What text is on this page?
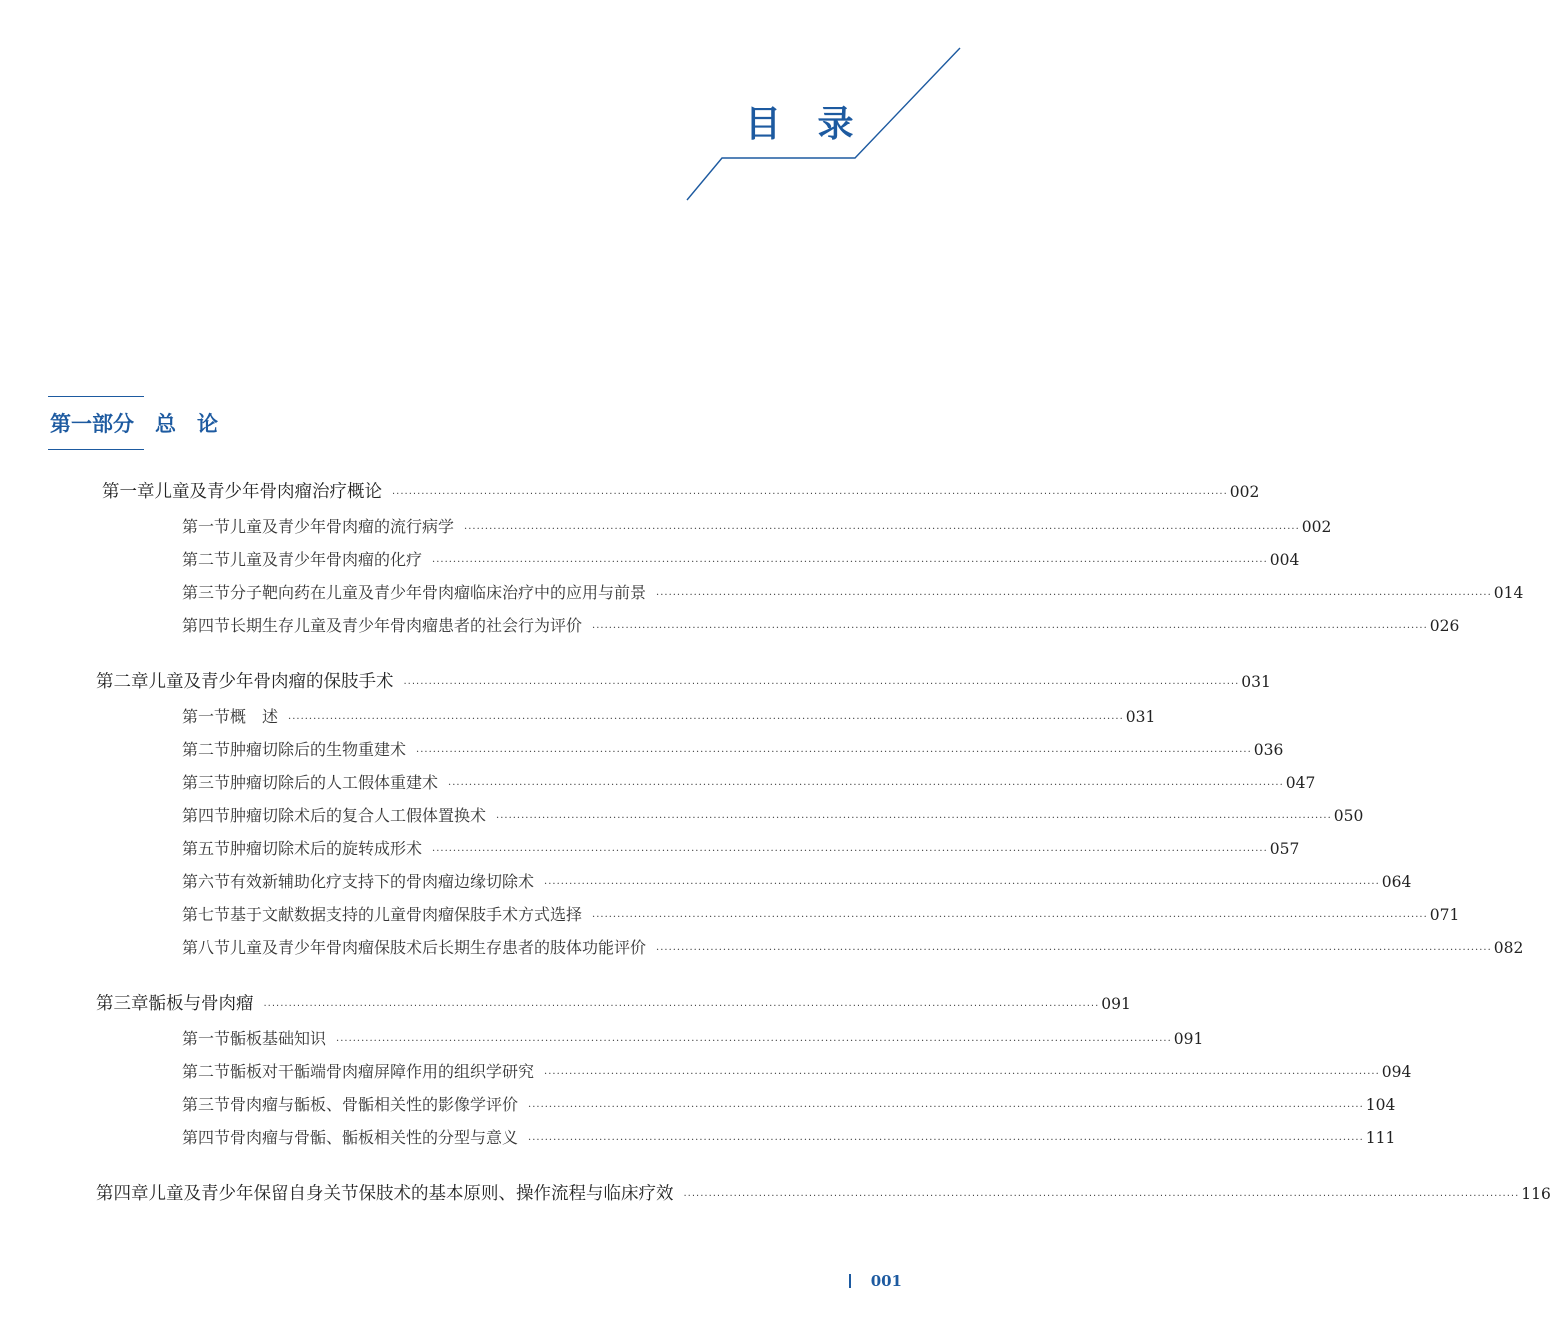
目 录
第一部分　总　论
第一章 儿童及青少年骨肉瘤治疗概论	········································································································································································································ 002
第一节 儿童及青少年骨肉瘤的流行病学	········································································································································································································ 002
第二节 儿童及青少年骨肉瘤的化疗	········································································································································································································ 004
第三节 分子靶向药在儿童及青少年骨肉瘤临床治疗中的应用与前景	········································································································································································································ 014
第四节 长期生存儿童及青少年骨肉瘤患者的社会行为评价	········································································································································································································ 026
第二章 儿童及青少年骨肉瘤的保肢手术	········································································································································································································ 031
第一节 概　述	········································································································································································································ 031
第二节 肿瘤切除后的生物重建术	········································································································································································································ 036
第三节 肿瘤切除后的人工假体重建术	········································································································································································································ 047
第四节 肿瘤切除术后的复合人工假体置换术	········································································································································································································ 050
第五节 肿瘤切除术后的旋转成形术	········································································································································································································ 057
第六节 有效新辅助化疗支持下的骨肉瘤边缘切除术	········································································································································································································ 064
第七节 基于文献数据支持的儿童骨肉瘤保肢手术方式选择	········································································································································································································ 071
第八节 儿童及青少年骨肉瘤保肢术后长期生存患者的肢体功能评价	········································································································································································································ 082
第三章 骺板与骨肉瘤	········································································································································································································ 091
第一节 骺板基础知识	········································································································································································································ 091
第二节 骺板对干骺端骨肉瘤屏障作用的组织学研究	········································································································································································································ 094
第三节 骨肉瘤与骺板、骨骺相关性的影像学评价	········································································································································································································ 104
第四节 骨肉瘤与骨骺、骺板相关性的分型与意义	········································································································································································································ 111
第四章 儿童及青少年保留自身关节保肢术的基本原则、操作流程与临床疗效	········································································································································································································ 116
001
